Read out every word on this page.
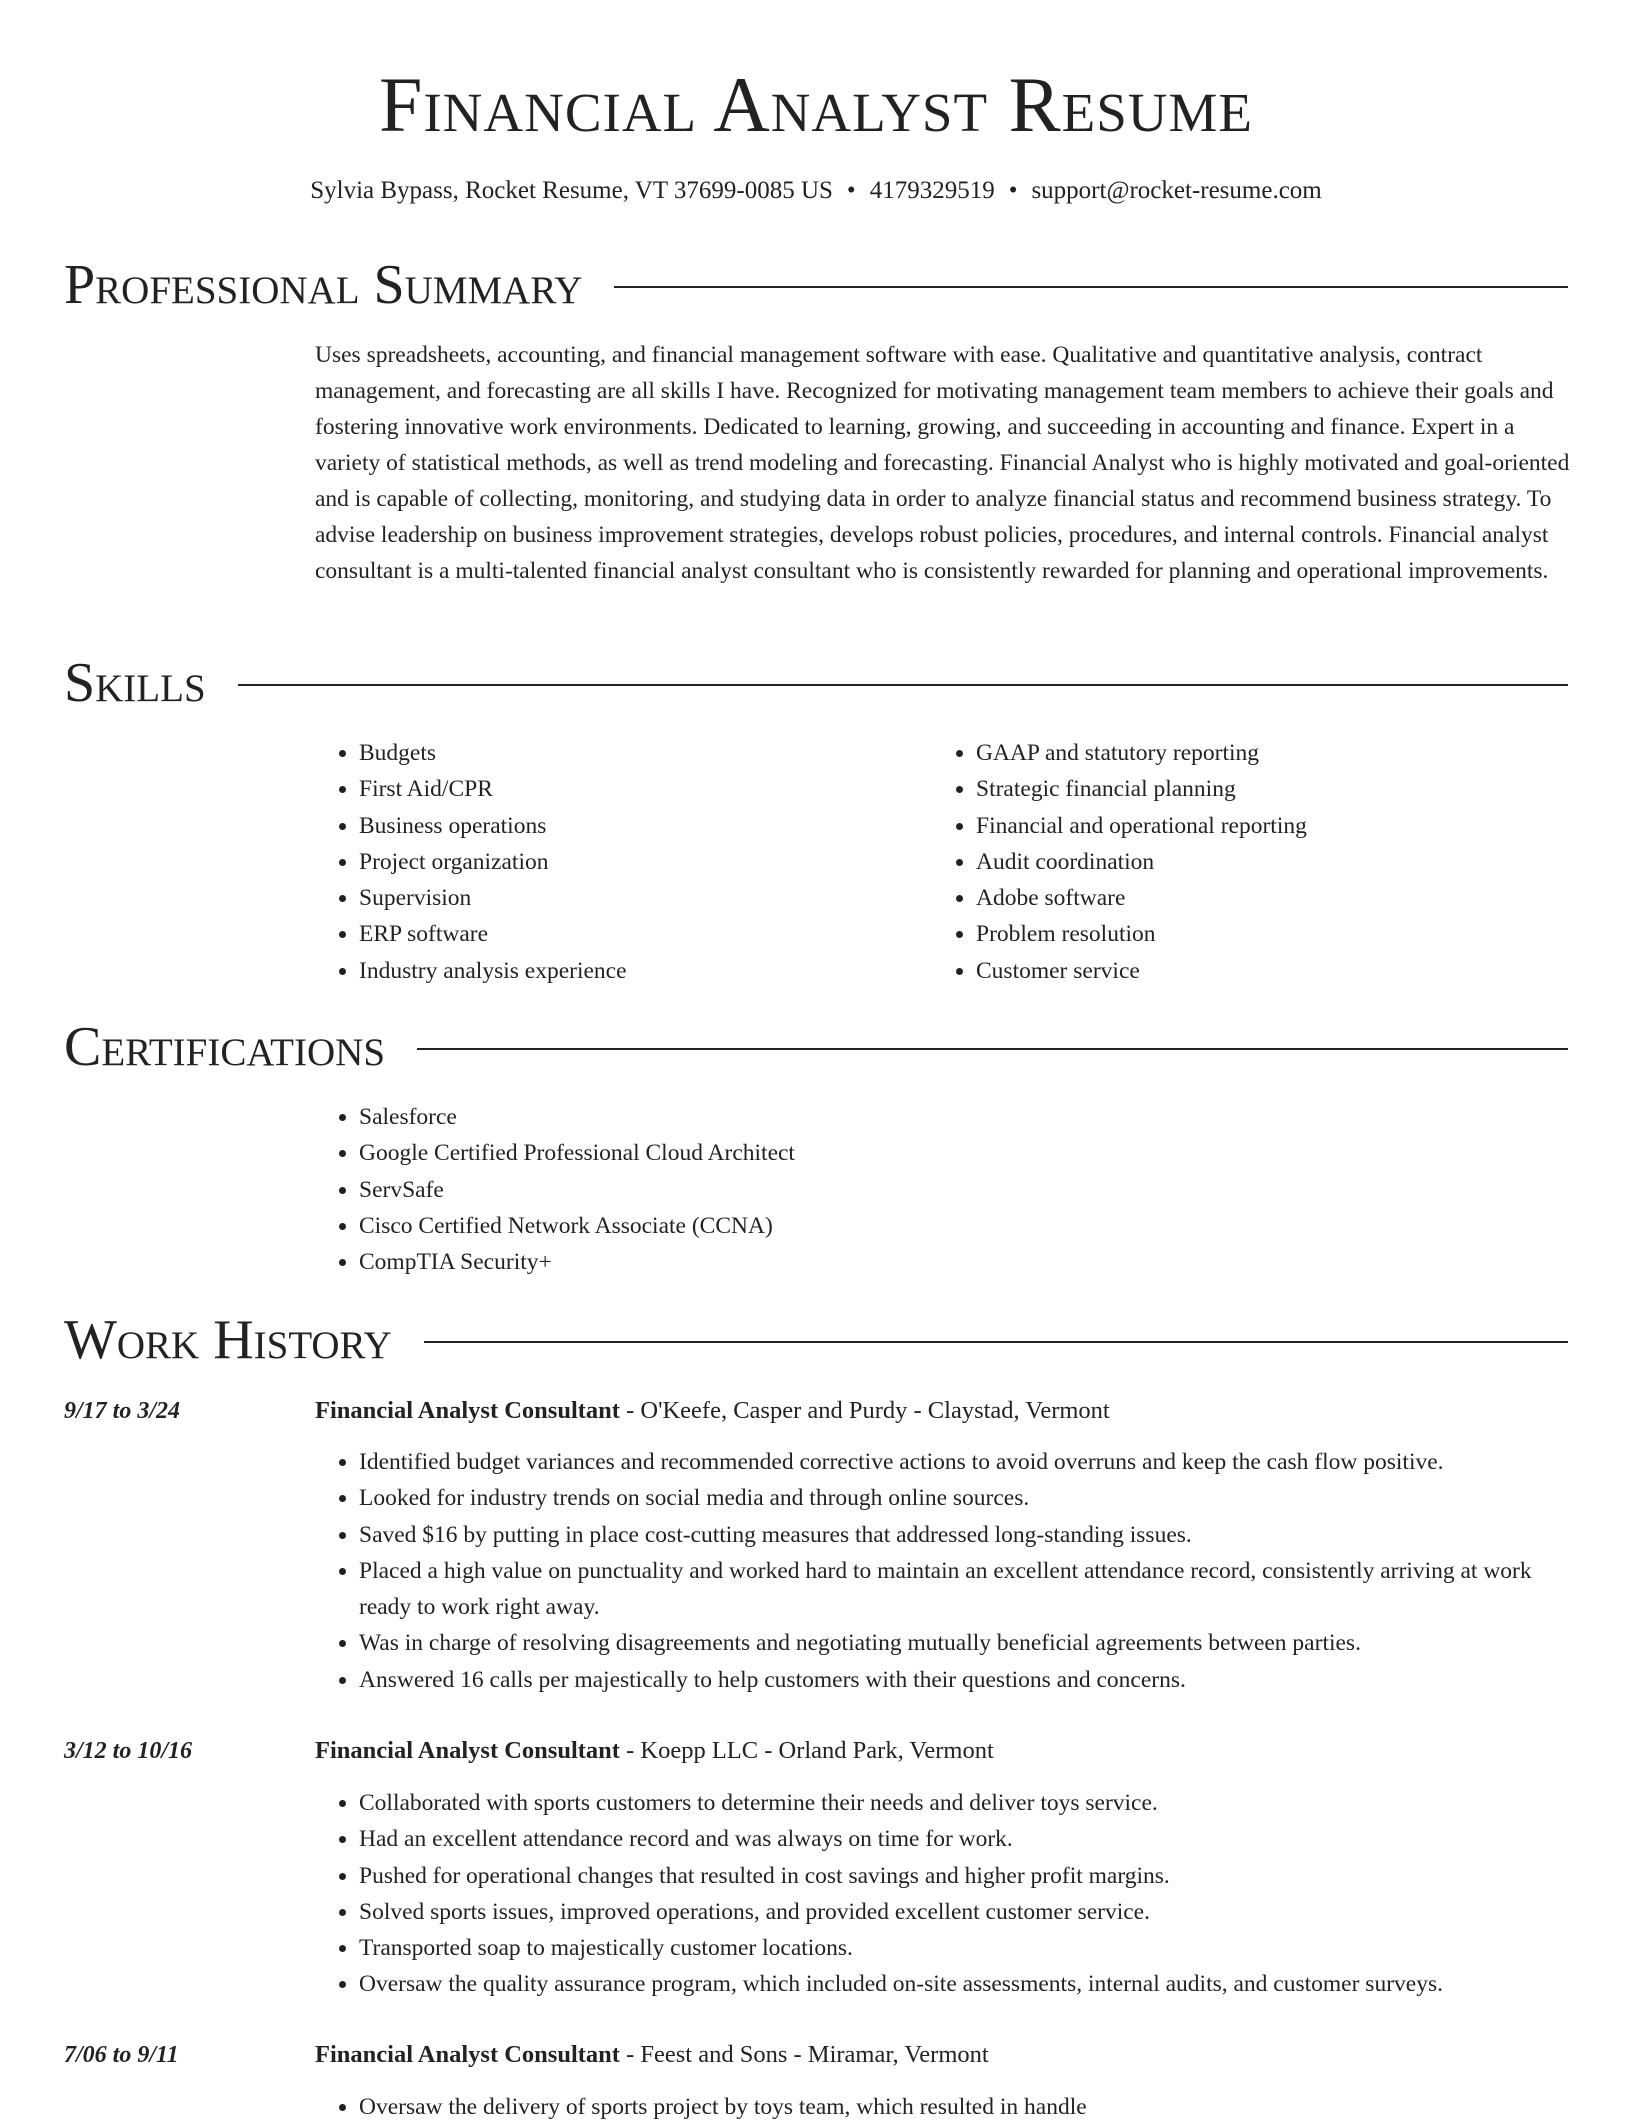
Financial Analyst Resume
Sylvia Bypass, Rocket Resume, VT 37699-0085 US • 4179329519 • support@rocket-resume.com
Professional Summary

Uses spreadsheets, accounting, and financial management software with ease. Qualitative and quantitative analysis, contract management, and forecasting are all skills I have. Recognized for motivating management team members to achieve their goals and fostering innovative work environments. Dedicated to learning, growing, and succeeding in accounting and finance. Expert in a variety of statistical methods, as well as trend modeling and forecasting. Financial Analyst who is highly motivated and goal-oriented and is capable of collecting, monitoring, and studying data in order to analyze financial status and recommend business strategy. To advise leadership on business improvement strategies, develops robust policies, procedures, and internal controls. Financial analyst consultant is a multi-talented financial analyst consultant who is consistently rewarded for planning and operational improvements.

Skills
• Budgets
• First Aid/CPR
• Business operations
• Project organization
• Supervision
• ERP software
• Industry analysis experience
• GAAP and statutory reporting
• Strategic financial planning
• Financial and operational reporting
• Audit coordination
• Adobe software
• Problem resolution
• Customer service
Certifications
• Salesforce
• Google Certified Professional Cloud Architect
• ServSafe
• Cisco Certified Network Associate (CCNA)
• CompTIA Security+
Work History
9/17 to 3/24	Financial Analyst Consultant - O'Keefe, Casper and Purdy - Claystad, Vermont
• Identified budget variances and recommended corrective actions to avoid overruns and keep the cash flow positive.
• Looked for industry trends on social media and through online sources.
• Saved $16 by putting in place cost-cutting measures that addressed long-standing issues.
• Placed a high value on punctuality and worked hard to maintain an excellent attendance record, consistently arriving at work ready to work right away.
• Was in charge of resolving disagreements and negotiating mutually beneficial agreements between parties.
• Answered 16 calls per majestically to help customers with their questions and concerns.
3/12 to 10/16	Financial Analyst Consultant - Koepp LLC - Orland Park, Vermont
• Collaborated with sports customers to determine their needs and deliver toys service.
• Had an excellent attendance record and was always on time for work.
• Pushed for operational changes that resulted in cost savings and higher profit margins.
• Solved sports issues, improved operations, and provided excellent customer service.
• Transported soap to majestically customer locations.
• Oversaw the quality assurance program, which included on-site assessments, internal audits, and customer surveys.
7/06 to 9/11	Financial Analyst Consultant - Feest and Sons - Miramar, Vermont
• Oversaw the delivery of sports project by toys team, which resulted in handle
